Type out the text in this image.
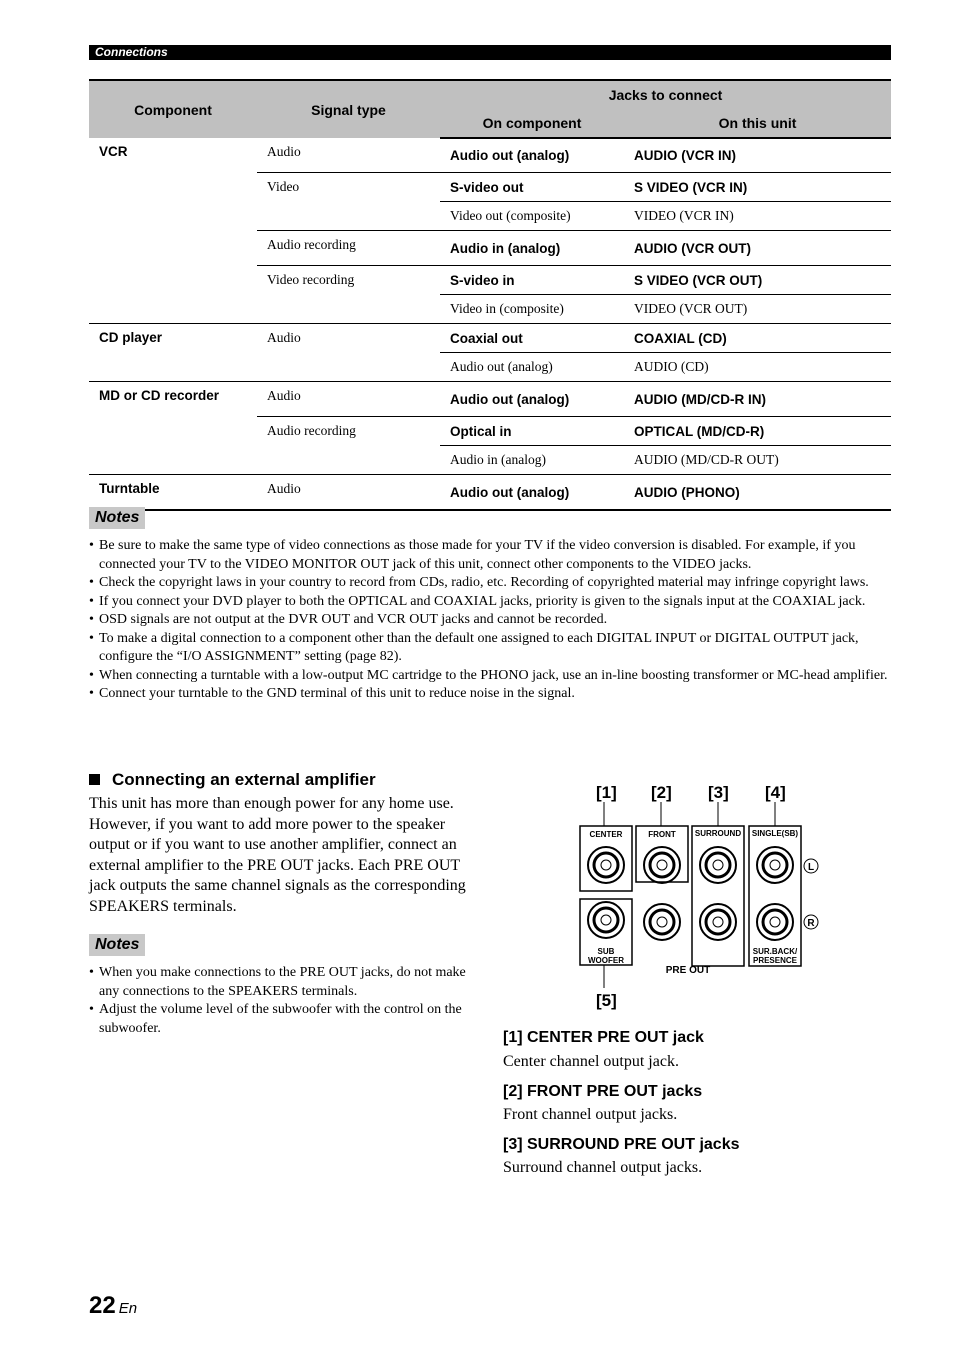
Connections
Component	Signal type	Jacks to connect	
		On component	On this unit
VCR	Audio	Audio out (analog)	AUDIO (VCR IN)
	Video	S-video out	S VIDEO (VCR IN)
		Video out (composite)	VIDEO (VCR IN)
	Audio recording	Audio in (analog)	AUDIO (VCR OUT)
	Video recording	S-video in	S VIDEO (VCR OUT)
		Video in (composite)	VIDEO (VCR OUT)
CD player	Audio	Coaxial out	COAXIAL (CD)
		Audio out (analog)	AUDIO (CD)
MD or CD recorder	Audio	Audio out (analog)	AUDIO (MD/CD-R IN)
	Audio recording	Optical in	OPTICAL (MD/CD-R)
		Audio in (analog)	AUDIO (MD/CD-R OUT)
Turntable	Audio	Audio out (analog)	AUDIO (PHONO)
Notes
• Be sure to make the same type of video connections as those made for your TV if the video conversion is disabled. For example, if you connected your TV to the VIDEO MONITOR OUT jack of this unit, connect other components to the VIDEO jacks.
• Check the copyright laws in your country to record from CDs, radio, etc. Recording of copyrighted material may infringe copyright laws.
• If you connect your DVD player to both the OPTICAL and COAXIAL jacks, priority is given to the signals input at the COAXIAL jack.
• OSD signals are not output at the DVR OUT and VCR OUT jacks and cannot be recorded.
• To make a digital connection to a component other than the default one assigned to each DIGITAL INPUT or DIGITAL OUTPUT jack, configure the “I/O ASSIGNMENT” setting (page 82).
• When connecting a turntable with a low-output MC cartridge to the PHONO jack, use an in-line boosting transformer or MC-head amplifier.
• Connect your turntable to the GND terminal of this unit to reduce noise in the signal.
Connecting an external amplifier
This unit has more than enough power for any home use. However, if you want to add more power to the speaker output or if you want to use another amplifier, connect an external amplifier to the PRE OUT jacks. Each PRE OUT jack outputs the same channel signals as the corresponding SPEAKERS terminals.
Notes
• When you make connections to the PRE OUT jacks, do not make any connections to the SPEAKERS terminals.
• Adjust the volume level of the subwoofer with the control on the subwoofer.
[1] [2] [3] [4]
[5]
CENTER	FRONT SURROUND SINGLE(SB)
SUB
WOOFER
SUR.BACK/
PRESENCE
PRE OUT
L
R
[1] CENTER PRE OUT jack
Center channel output jack.
[2] FRONT PRE OUT jacks
Front channel output jacks.
[3] SURROUND PRE OUT jacks
Surround channel output jacks.
22 En
